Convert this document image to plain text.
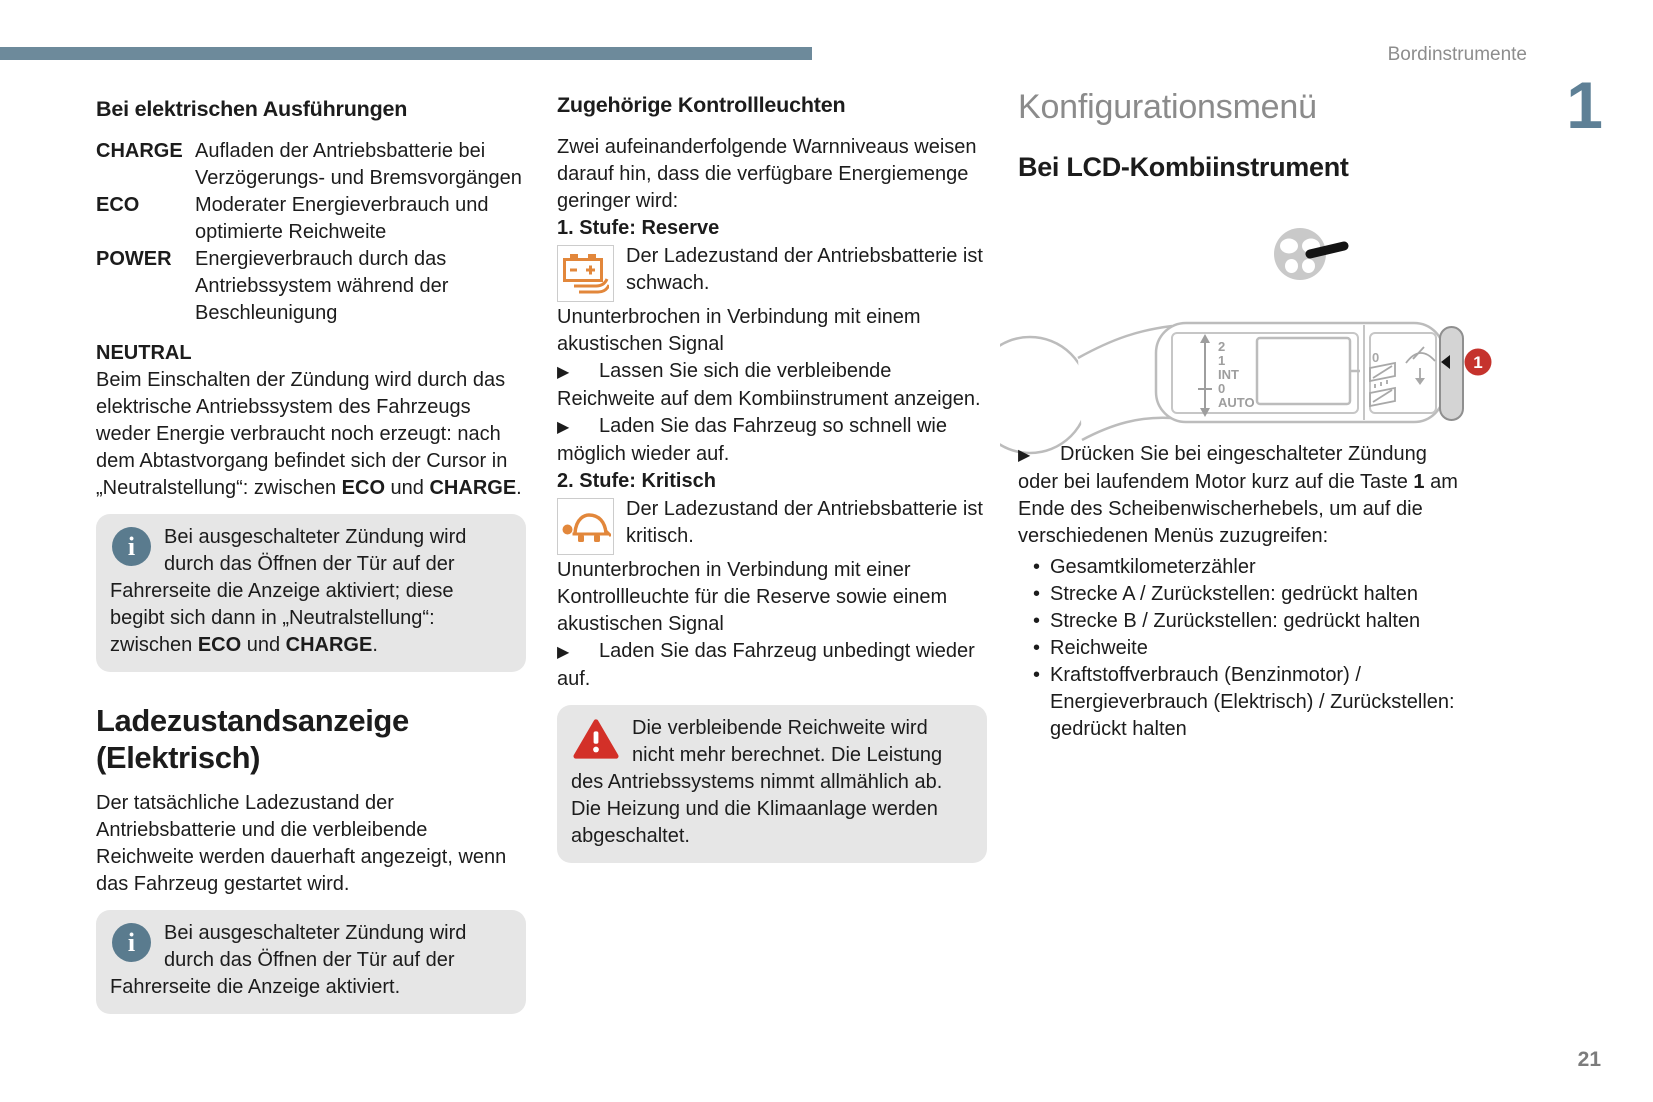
Bordinstrumente
1
21
Bei elektrischen Ausführungen
CHARGE Aufladen der Antriebsbatterie bei Verzögerungs- und Bremsvorgängen
ECO	Moderater Energieverbrauch und optimierte Reichweite
POWER	Energieverbrauch durch das Antriebssystem während der Beschleunigung

NEUTRAL

Beim Einschalten der Zündung wird durch das elektrische Antriebssystem des Fahrzeugs weder Energie verbraucht noch erzeugt: nach dem Abtastvorgang befindet sich der Cursor in „Neutralstellung“: zwischen ECO und CHARGE.

i	Bei ausgeschalteter Zündung wird durch das Öffnen der Tür auf der Fahrerseite die Anzeige aktiviert; diese begibt sich dann in „Neutralstellung“: zwischen ECO und CHARGE.
Ladezustandsanzeige (Elektrisch)

Der tatsächliche Ladezustand der Antriebsbatterie und die verbleibende Reichweite werden dauerhaft angezeigt, wenn das Fahrzeug gestartet wird.

i	Bei ausgeschalteter Zündung wird durch das Öffnen der Tür auf der Fahrerseite die Anzeige aktiviert.
Zugehörige Kontrollleuchten

Zwei aufeinanderfolgende Warnniveaus weisen darauf hin, dass die verfügbare Energiemenge geringer wird:

1. Stufe: Reserve

Der Ladezustand der Antriebsbatterie ist schwach.

Ununterbrochen in Verbindung mit einem akustischen Signal

▶ Lassen Sie sich die verbleibende Reichweite auf dem Kombiinstrument anzeigen.

▶ Laden Sie das Fahrzeug so schnell wie möglich wieder auf.

2. Stufe: Kritisch

Der Ladezustand der Antriebsbatterie ist kritisch.

Ununterbrochen in Verbindung mit einer Kontrollleuchte für die Reserve sowie einem akustischen Signal

▶ Laden Sie das Fahrzeug unbedingt wieder auf.

Die verbleibende Reichweite wird nicht mehr berechnet. Die Leistung des Antriebssystems nimmt allmählich ab.

Die Heizung und die Klimaanlage werden abgeschaltet.

Konfigurationsmenü
Bei LCD-Kombiinstrument
2
1
INT
0
AUTO
0	1

▶ Drücken Sie bei eingeschalteter Zündung oder bei laufendem Motor kurz auf die Taste 1 am Ende des Scheibenwischerhebels, um auf die verschiedenen Menüs zuzugreifen:

• Gesamtkilometerzähler
• Strecke A / Zurückstellen: gedrückt halten
• Strecke B / Zurückstellen: gedrückt halten
• Reichweite
• Kraftstoffverbrauch (Benzinmotor) / Energieverbrauch (Elektrisch) / Zurückstellen: gedrückt halten
